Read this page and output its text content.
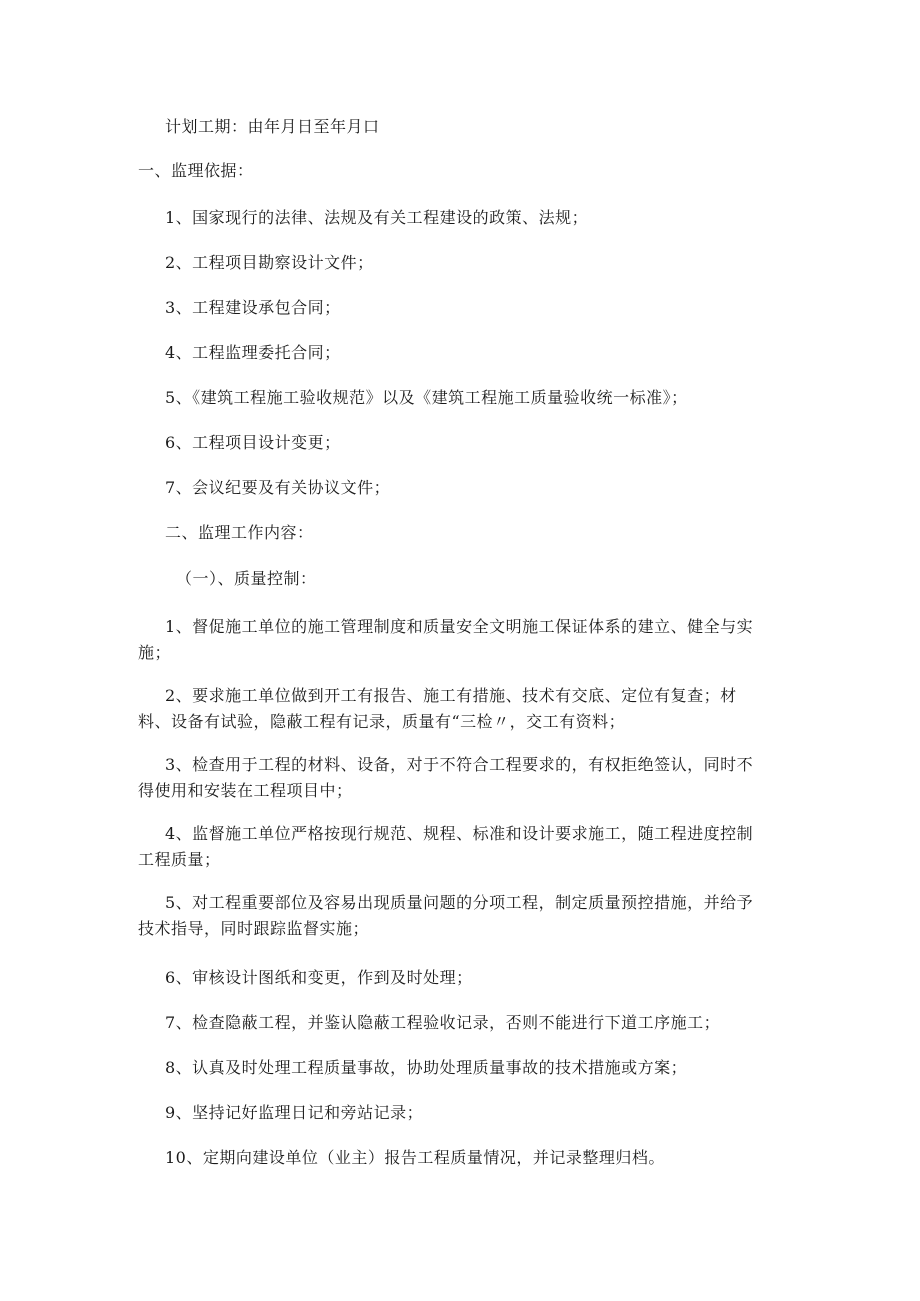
计划工期：由年月日至年月口
一、监理依据：
1、国家现行的法律、法规及有关工程建设的政策、法规；
2、工程项目勘察设计文件；
3、工程建设承包合同；
4、工程监理委托合同；
5、《建筑工程施工验收规范》以及《建筑工程施工质量验收统一标准》；
6、工程项目设计变更；
7、会议纪要及有关协议文件；
二、监理工作内容：
（一）、质量控制：
1、督促施工单位的施工管理制度和质量安全文明施工保证体系的建立、健全与实
施；
2、要求施工单位做到开工有报告、施工有措施、技术有交底、定位有复查；材
料、设备有试验，隐蔽工程有记录，质量有“三检〃，交工有资料；
3、检查用于工程的材料、设备，对于不符合工程要求的，有权拒绝签认，同时不
得使用和安装在工程项目中；
4、监督施工单位严格按现行规范、规程、标准和设计要求施工，随工程进度控制
工程质量；
5、对工程重要部位及容易出现质量问题的分项工程，制定质量预控措施，并给予
技术指导，同时跟踪监督实施；
6、审核设计图纸和变更，作到及时处理；
7、检查隐蔽工程，并鉴认隐蔽工程验收记录，否则不能进行下道工序施工；
8、认真及时处理工程质量事故，协助处理质量事故的技术措施或方案；
9、坚持记好监理日记和旁站记录；
10、定期向建设单位（业主）报告工程质量情况，并记录整理归档。
